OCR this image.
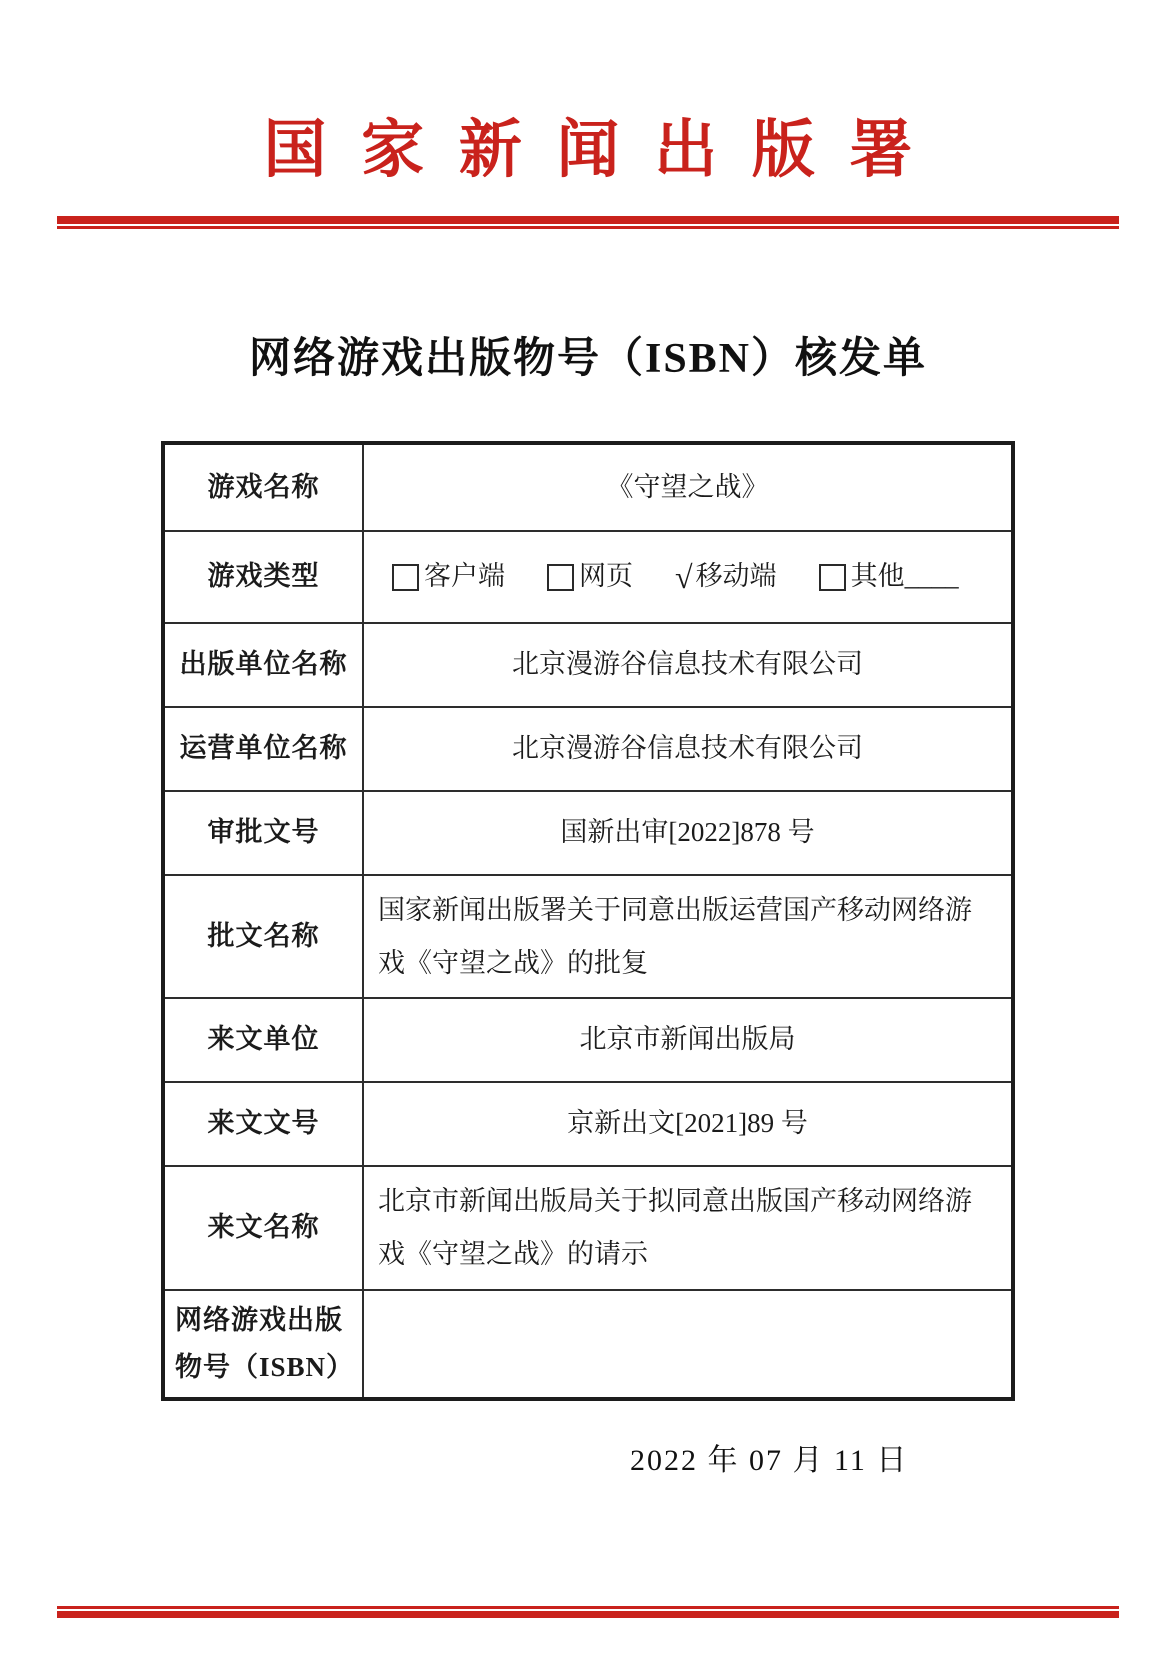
国家新闻出版署
网络游戏出版物号（ISBN）核发单
游戏名称	《守望之战》
游戏类型	客户端	网页 √ 移动端	其他 ____

出版单位名称	北京漫游谷信息技术有限公司
运营单位名称	北京漫游谷信息技术有限公司
审批文号	国新出审[2022]878 号
批文名称	国家新闻出版署关于同意出版运营国产移动网络游戏《守望之战》的批复
来文单位	北京市新闻出版局
来文文号	京新出文[2021]89 号
来文名称	北京市新闻出版局关于拟同意出版国产移动网络游戏《守望之战》的请示
网络游戏出版物号（ISBN）	
2022 年 07 月 11 日
